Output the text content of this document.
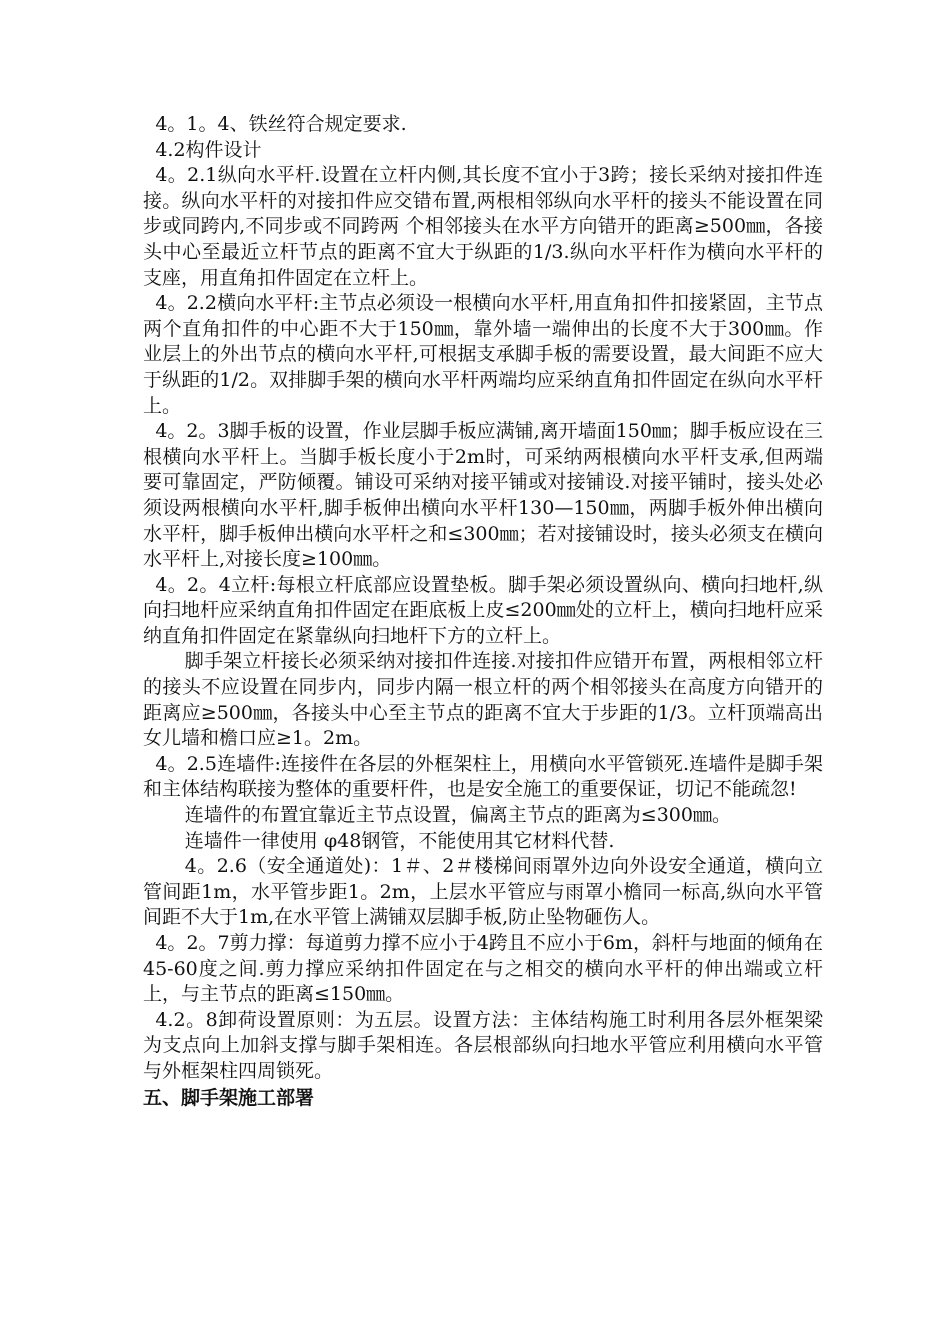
4。1。4、铁丝符合规定要求.

4.2构件设计

4。2.1纵向水平杆.设置在立杆内侧,其长度不宜小于3跨；接长采纳对接扣件连接。纵向水平杆的对接扣件应交错布置,两根相邻纵向水平杆的接头不能设置在同步或同跨内,不同步或不同跨两 个相邻接头在水平方向错开的距离≥500㎜，各接头中心至最近立杆节点的距离不宜大于纵距的1/3.纵向水平杆作为横向水平杆的支座，用直角扣件固定在立杆上。

4。2.2横向水平杆:主节点必须设一根横向水平杆,用直角扣件扣接紧固，主节点两个直角扣件的中心距不大于150㎜，靠外墙一端伸出的长度不大于300㎜。作业层上的外出节点的横向水平杆,可根据支承脚手板的需要设置，最大间距不应大于纵距的1/2。双排脚手架的横向水平杆两端均应采纳直角扣件固定在纵向水平杆上。

4。2。3脚手板的设置，作业层脚手板应满铺,离开墙面150㎜；脚手板应设在三根横向水平杆上。当脚手板长度小于2m时，可采纳两根横向水平杆支承,但两端要可靠固定，严防倾覆。铺设可采纳对接平铺或对接铺设.对接平铺时，接头处必须设两根横向水平杆,脚手板伸出横向水平杆130—150㎜，两脚手板外伸出横向水平杆，脚手板伸出横向水平杆之和≤300㎜；若对接铺设时，接头必须支在横向水平杆上,对接长度≥100㎜。

4。2。4立杆:每根立杆底部应设置垫板。脚手架必须设置纵向、横向扫地杆,纵向扫地杆应采纳直角扣件固定在距底板上皮≤200㎜处的立杆上，横向扫地杆应采纳直角扣件固定在紧靠纵向扫地杆下方的立杆上。

脚手架立杆接长必须采纳对接扣件连接.对接扣件应错开布置，两根相邻立杆的接头不应设置在同步内，同步内隔一根立杆的两个相邻接头在高度方向错开的距离应≥500㎜，各接头中心至主节点的距离不宜大于步距的1/3。立杆顶端高出女儿墙和檐口应≥1。2m。

4。2.5连墙件:连接件在各层的外框架柱上，用横向水平管锁死.连墙件是脚手架和主体结构联接为整体的重要杆件，也是安全施工的重要保证，切记不能疏忽!

连墙件的布置宜靠近主节点设置，偏离主节点的距离为≤300㎜。

连墙件一律使用 φ48钢管，不能使用其它材料代替.

4。2.6（安全通道处)：1＃、2＃楼梯间雨罩外边向外设安全通道，横向立管间距1m，水平管步距1。2m，上层水平管应与雨罩小檐同一标高,纵向水平管间距不大于1m,在水平管上满铺双层脚手板,防止坠物砸伤人。

4。2。7剪力撑：每道剪力撑不应小于4跨且不应小于6m，斜杆与地面的倾角在45-60度之间.剪力撑应采纳扣件固定在与之相交的横向水平杆的伸出端或立杆上，与主节点的距离≤150㎜。

4.2。8卸荷设置原则：为五层。设置方法：主体结构施工时利用各层外框架梁为支点向上加斜支撑与脚手架相连。各层根部纵向扫地水平管应利用横向水平管与外框架柱四周锁死。

五、脚手架施工部署
